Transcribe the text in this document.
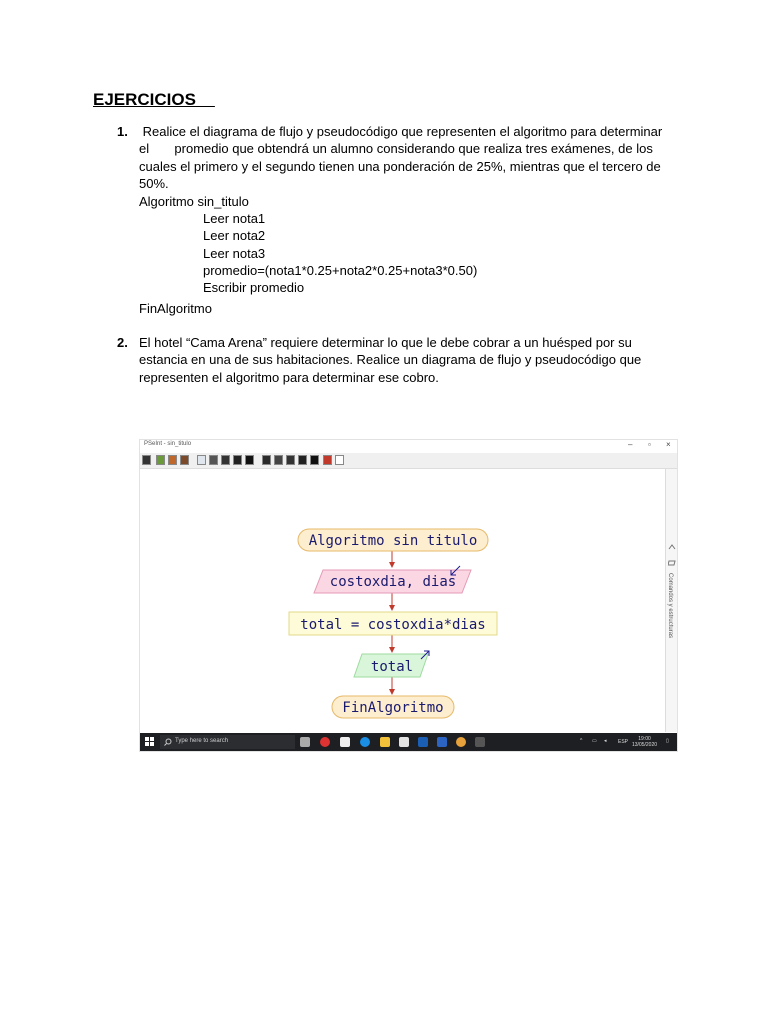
EJERCICIOS
1. Realice el diagrama de flujo y pseudocódigo que representen el algoritmo para determinar
el       promedio que obtendrá un alumno considerando que realiza tres exámenes, de los
cuales el primero y el segundo tienen una ponderación de 25%, mientras que el tercero de
50%.
Algoritmo sin_titulo
Leer nota1
Leer nota2
Leer nota3
promedio=(nota1*0.25+nota2*0.25+nota3*0.50)
Escribir promedio
FinAlgoritmo
2. El hotel “Cama Arena” requiere determinar lo que le debe cobrar a un huésped por su
estancia en una de sus habitaciones. Realice un diagrama de flujo y pseudocódigo que
representen el algoritmo para determinar ese cobro.
PSeInt - sin_titulo	– ▫ ×
Algoritmo sin titulo
costoxdia, dias
total = costoxdia*dias
total
FinAlgoritmo
Comandos y estructuras
Type here to search	^ ▭ ◂ ESP	19:00
13/05/2020
▯
